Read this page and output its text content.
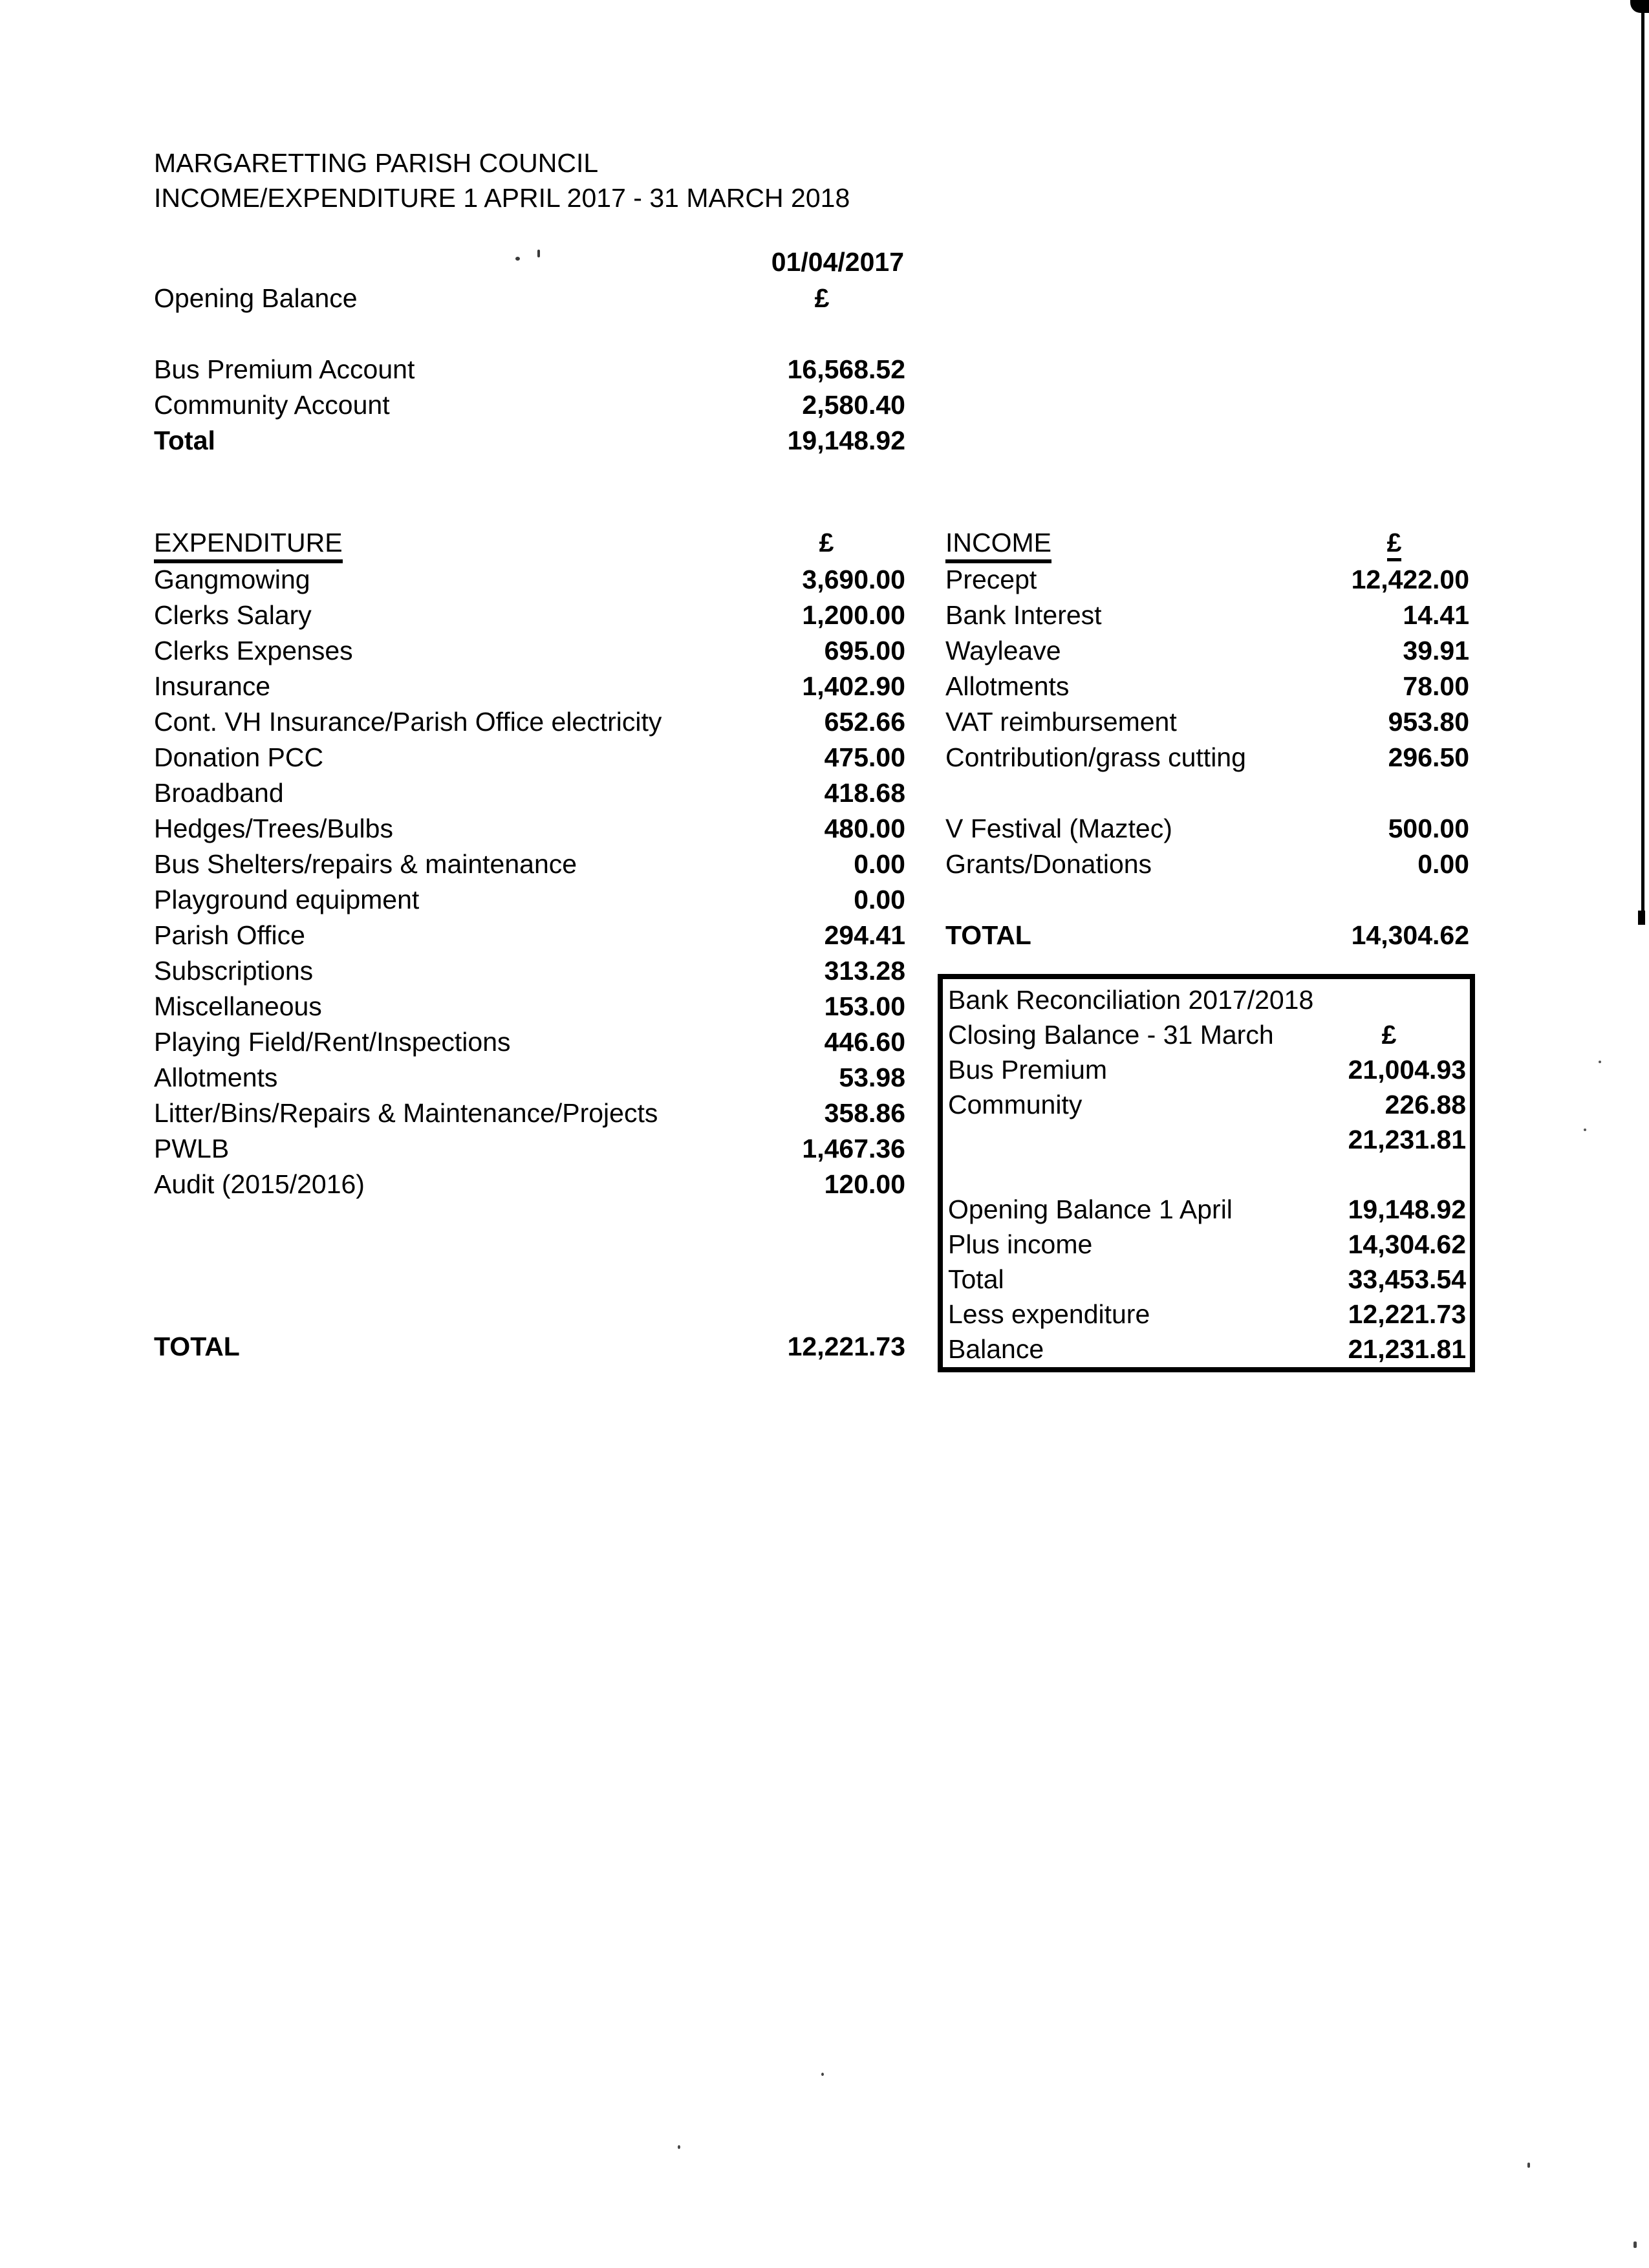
MARGARETTING PARISH COUNCIL
INCOME/EXPENDITURE 1 APRIL 2017 - 31 MARCH 2018
01/04/2017
Opening Balance	£
Bus Premium Account	16,568.52
Community Account	2,580.40
Total	19,148.92
EXPENDITURE	£
Gangmowing	3,690.00
Clerks Salary	1,200.00
Clerks Expenses	695.00
Insurance	1,402.90
Cont. VH Insurance/Parish Office electricity	652.66
Donation PCC	475.00
Broadband	418.68
Hedges/Trees/Bulbs	480.00
Bus Shelters/repairs & maintenance	0.00
Playground equipment	0.00
Parish Office	294.41
Subscriptions	313.28
Miscellaneous	153.00
Playing Field/Rent/Inspections	446.60
Allotments	53.98
Litter/Bins/Repairs & Maintenance/Projects	358.86
PWLB	1,467.36
Audit (2015/2016)	120.00
TOTAL	12,221.73
INCOME	£
Precept	12,422.00
Bank Interest	14.41
Wayleave	39.91
Allotments	78.00
VAT reimbursement	953.80
Contribution/grass cutting	296.50
V Festival (Maztec)	500.00
Grants/Donations	0.00
TOTAL	14,304.62
Bank Reconciliation 2017/2018
Closing Balance - 31 March	£
Bus Premium	21,004.93
Community	226.88
21,231.81
Opening Balance 1 April	19,148.92
Plus income	14,304.62
Total	33,453.54
Less expenditure	12,221.73
Balance	21,231.81
